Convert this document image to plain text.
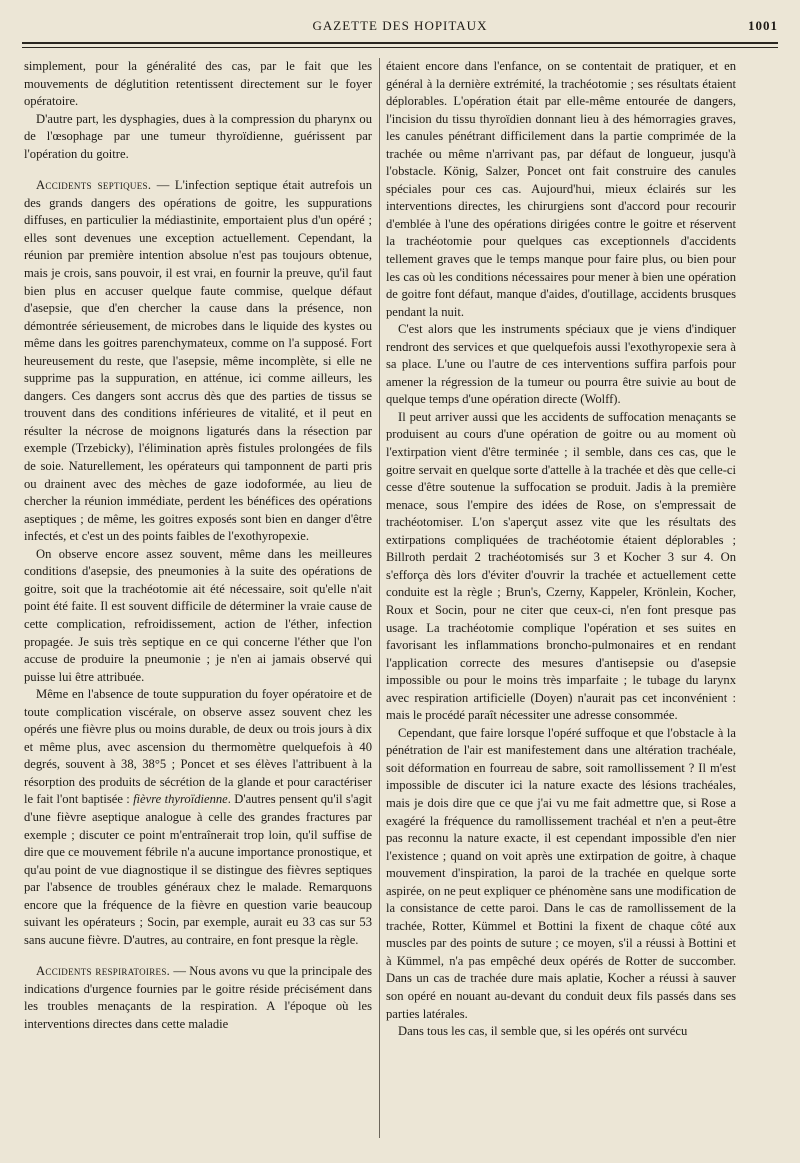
GAZETTE DES HOPITAUX	1001

simplement, pour la généralité des cas, par le fait que les mouvements de déglutition retentissent directement sur le foyer opératoire.

D'autre part, les dysphagies, dues à la compression du pharynx ou de l'œsophage par une tumeur thyroïdienne, guérissent par l'opération du goitre.

Accidents septiques. — L'infection septique était autrefois un des grands dangers des opérations de goitre, les suppurations diffuses, en particulier la médiastinite, emportaient plus d'un opéré ; elles sont devenues une exception actuellement. Cependant, la réunion par première intention absolue n'est pas toujours obtenue, mais je crois, sans pouvoir, il est vrai, en fournir la preuve, qu'il faut bien plus en accuser quelque faute commise, quelque défaut d'asepsie, que d'en chercher la cause dans la présence, non démontrée sérieusement, de microbes dans le liquide des kystes ou même dans les goitres parenchymateux, comme on l'a supposé. Fort heureusement du reste, que l'asepsie, même incomplète, si elle ne supprime pas la suppuration, en atténue, ici comme ailleurs, les dangers. Ces dangers sont accrus dès que des parties de tissus se trouvent dans des conditions inférieures de vitalité, et il peut en résulter la nécrose de moignons ligaturés dans la résection par exemple (Trzebicky), l'élimination après fistules prolongées de fils de soie. Naturellement, les opérateurs qui tamponnent de parti pris ou drainent avec des mèches de gaze iodoformée, au lieu de chercher la réunion immédiate, perdent les bénéfices des opérations aseptiques ; de même, les goitres exposés sont bien en danger d'être infectés, et c'est un des points faibles de l'exothyropexie.

On observe encore assez souvent, même dans les meilleures conditions d'asepsie, des pneumonies à la suite des opérations de goitre, soit que la trachéotomie ait été nécessaire, soit qu'elle n'ait point été faite. Il est souvent difficile de déterminer la vraie cause de cette complication, refroidissement, action de l'éther, infection propagée. Je suis très septique en ce qui concerne l'éther que l'on accuse de produire la pneumonie ; je n'en ai jamais observé qui puisse lui être attribuée.

Même en l'absence de toute suppuration du foyer opératoire et de toute complication viscérale, on observe assez souvent chez les opérés une fièvre plus ou moins durable, de deux ou trois jours à dix et même plus, avec ascension du thermomètre quelquefois à 40 degrés, souvent à 38, 38°5 ; Poncet et ses élèves l'attribuent à la résorption des produits de sécrétion de la glande et pour caractériser le fait l'ont baptisée : fièvre thyroïdienne. D'autres pensent qu'il s'agit d'une fièvre aseptique analogue à celle des grandes fractures par exemple ; discuter ce point m'entraînerait trop loin, qu'il suffise de dire que ce mouvement fébrile n'a aucune importance pronostique, et qu'au point de vue diagnostique il se distingue des fièvres septiques par l'absence de troubles généraux chez le malade. Remarquons encore que la fréquence de la fièvre en question varie beaucoup suivant les opérateurs ; Socin, par exemple, aurait eu 33 cas sur 53 sans aucune fièvre. D'autres, au contraire, en font presque la règle.

Accidents respiratoires. — Nous avons vu que la principale des indications d'urgence fournies par le goitre réside précisément dans les troubles menaçants de la respiration. A l'époque où les interventions directes dans cette maladie

étaient encore dans l'enfance, on se contentait de pratiquer, et en général à la dernière extrémité, la trachéotomie ; ses résultats étaient déplorables. L'opération était par elle-même entourée de dangers, l'incision du tissu thyroïdien donnant lieu à des hémorragies graves, les canules pénétrant difficilement dans la partie comprimée de la trachée ou même n'arrivant pas, par défaut de longueur, jusqu'à l'obstacle. König, Salzer, Poncet ont fait construire des canules spéciales pour ces cas. Aujourd'hui, mieux éclairés sur les interventions directes, les chirurgiens sont d'accord pour recourir d'emblée à l'une des opérations dirigées contre le goitre et réservent la trachéotomie pour quelques cas exceptionnels d'accidents tellement graves que le temps manque pour faire plus, ou bien pour les cas où les conditions nécessaires pour mener à bien une opération de goitre font défaut, manque d'aides, d'outillage, accidents brusques pendant la nuit.

C'est alors que les instruments spéciaux que je viens d'indiquer rendront des services et que quelquefois aussi l'exothyropexie sera à sa place. L'une ou l'autre de ces interventions suffira parfois pour amener la régression de la tumeur ou pourra être suivie au bout de quelque temps d'une opération directe (Wolff).

Il peut arriver aussi que les accidents de suffocation menaçants se produisent au cours d'une opération de goitre ou au moment où l'extirpation vient d'être terminée ; il semble, dans ces cas, que le goitre servait en quelque sorte d'attelle à la trachée et dès que celle-ci cesse d'être soutenue la suffocation se produit. Jadis à la première menace, sous l'empire des idées de Rose, on s'empressait de trachéotomiser. L'on s'aperçut assez vite que les résultats des extirpations compliquées de trachéotomie étaient déplorables ; Billroth perdait 2 trachéotomisés sur 3 et Kocher 3 sur 4. On s'efforça dès lors d'éviter d'ouvrir la trachée et actuellement cette conduite est la règle ; Brun's, Czerny, Kappeler, Krönlein, Kocher, Roux et Socin, pour ne citer que ceux-ci, n'en font presque pas usage. La trachéotomie complique l'opération et ses suites en favorisant les inflammations broncho-pulmonaires et en rendant l'application correcte des mesures d'antisepsie ou d'asepsie impossible ou pour le moins très imparfaite ; le tubage du larynx avec respiration artificielle (Doyen) n'aurait pas cet inconvénient : mais le procédé paraît nécessiter une adresse consommée.

Cependant, que faire lorsque l'opéré suffoque et que l'obstacle à la pénétration de l'air est manifestement dans une altération trachéale, soit déformation en fourreau de sabre, soit ramollissement ? Il m'est impossible de discuter ici la nature exacte des lésions trachéales, mais je dois dire que ce que j'ai vu me fait admettre que, si Rose a exagéré la fréquence du ramollissement trachéal et n'en a peut-être pas reconnu la nature exacte, il est cependant impossible d'en nier l'existence ; quand on voit après une extirpation de goitre, à chaque mouvement d'inspiration, la paroi de la trachée en quelque sorte aspirée, on ne peut expliquer ce phénomène sans une modification de la consistance de cette paroi. Dans le cas de ramollissement de la trachée, Rotter, Kümmel et Bottini la fixent de chaque côté aux muscles par des points de suture ; ce moyen, s'il a réussi à Bottini et à Kümmel, n'a pas empêché deux opérés de Rotter de succomber. Dans un cas de trachée dure mais aplatie, Kocher a réussi à sauver son opéré en nouant au-devant du conduit deux fils passés dans ses parties latérales.

Dans tous les cas, il semble que, si les opérés ont survécu
